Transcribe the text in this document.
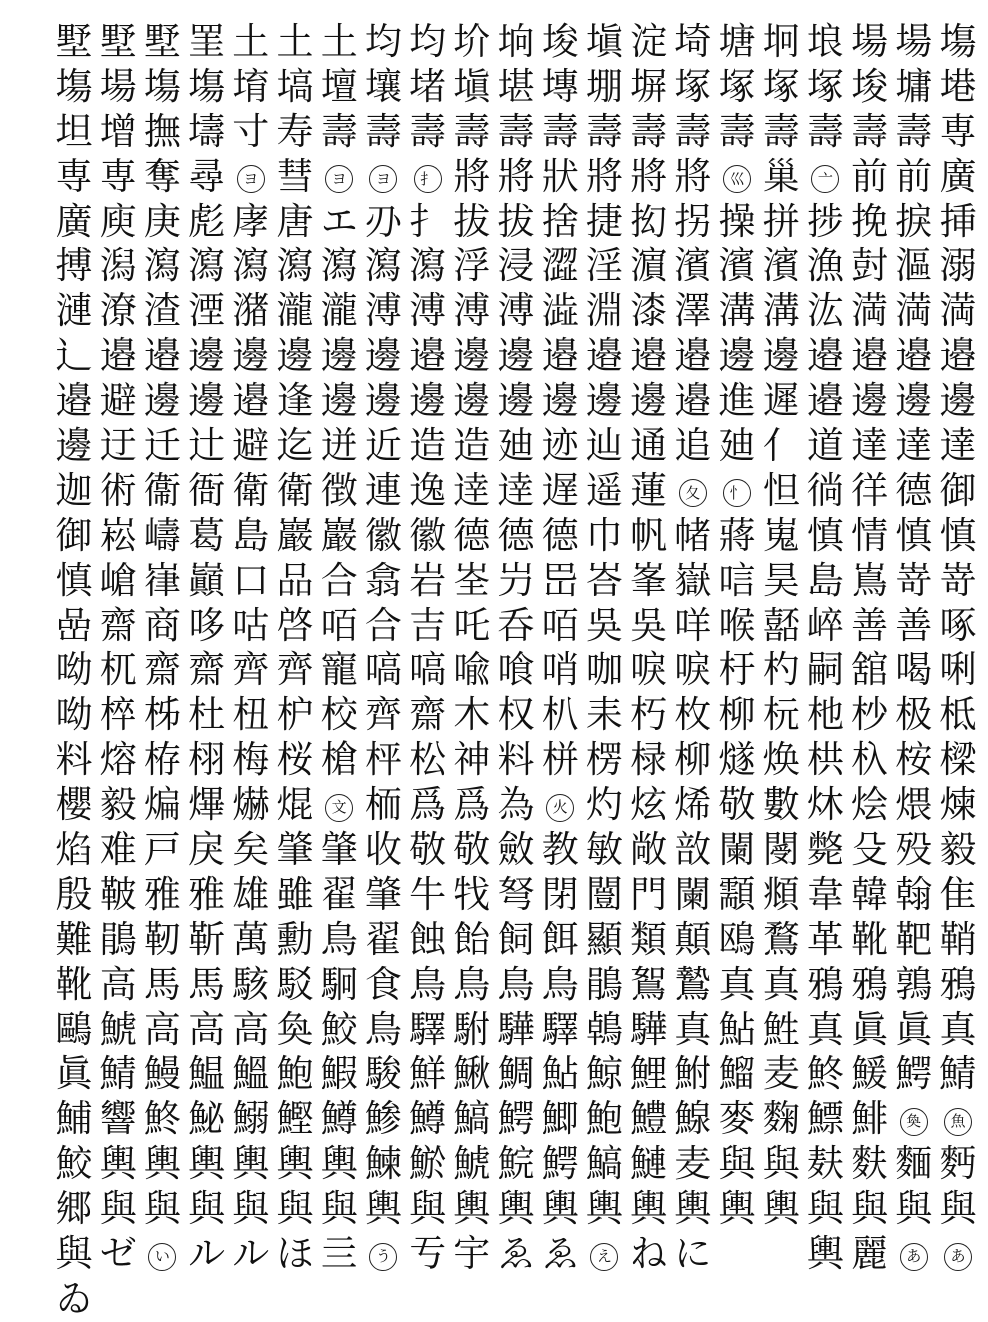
塲
塂
専
廣
挿
溺
満
邉
邊
達
御
慎
嵜
啄
唎
柢
樑
煉
毅
隹
鞘
鴉
真
鯖
魚
麪
與
あ
場
墉
壽
前
捩
漚
満
邉
邊
達
德
慎
嵜
善
喝
极
桉
煨
殁
翰
靶
鶉
眞
鰐
奐
麵
與
あ
場
埈
壽
前
挽
尌
満
邉
邊
達
徉
情
嶌
善
舘
杪
杁
烩
殳
韓
靴
鴉
眞
鰀
鯡
麩
與
麗
埌
塚
壽
亠
捗
漁
汯
邉
邉
道
徜
慎
島
崪
嗣
杝
栱
炑
斃
韋
革
鴉
真
鮗
鰾
麸
與
輿
坰
塚
壽
巢
拼
濱
溝
邊
遲
亻
怛
嵬
昊
嚭
杓
杬
焕
數
閿
頫
鶩
真
鮏
麦
麴
與
輿
塘
塚
壽
巛
操
濱
溝
邊
進
廸
忄
蔣
唁
喉
杅
柳
燧
敬
闌
顬
鴎
真
鮎
鰡
麥
與
輿
埼
塚
壽
將
拐
濱
澤
邉
邉
追
夂
帾
嶽
咩
唳
枚
柳
烯
敨
闌
顛
鷙
真
鮒
鰁
麦
輿
に
淀
塀
壽
將
抝
濵
漆
邉
邊
通
蓮
帆
峯
吳
唳
朽
椂
炫
敞
門
類
鴽
驊
鯉
鱧
鰱
輿
ね
塡
堋
壽
將
捷
淫
淵
邉
邊
辿
遥
巾
峇
吳
咖
耒
楞
灼
敏
闓
顯
鵑
鵫
鯨
鮑
鰝
輿
え
埈
塼
壽
狀
捨
澀
澁
邉
邊
迹
遅
德
岊
咟
哨
朳
栟
火
教
閉
餌
鳥
驛
鮎
鯽
鰐
輿
ゑ
垧
堪
壽
將
拔
浸
溥
邊
邊
廸
逹
德
屶
呑
喰
权
料
為
斂
弩
飼
鳥
驊
鯛
鰐
鯇
輿
ゑ
圿
塡
壽
將
拔
浮
溥
邊
邊
造
逹
德
峑
吒
喩
木
神
爲
敬
牫
飴
鳥
駙
鰍
鰝
鯱
輿
宇
均
堵
壽
扌
扌
瀉
溥
邉
邊
造
逸
徽
岩
吉
嗃
齋
松
爲
敬
牛
蝕
鳥
驛
鮮
鱒
鯲
與
亐
均
壤
壽
ヨ
刅
瀉
溥
邊
邊
近
連
徽
翕
合
嗃
齊
枰
栭
收
肇
翟
食
鳥
駿
鯵
鰊
輿
う
土
壇
壽
ヨ
エ
瀉
瀧
邊
邊
迸
徴
巖
合
咟
寵
校
槍
文
肇
翟
鳥
駉
鮫
鰕
鱒
輿
與
亖
土
塙
寿
彗
唐
瀉
瀧
邊
逢
迄
衛
巖
品
啓
齊
枦
桜
焜
肇
雖
勳
駁
奐
鮑
鰹
輿
與
ほ
土
堉
寸
ヨ
庨
瀉
潴
邊
邉
避
衛
島
口
咕
齊
杻
梅
爀
矣
雄
萬
駭
高
鰮
鰯
輿
與
ル
罣
塲
壔
尋
彪
瀉
湮
邊
邊
辻
衙
葛
巓
哆
齋
杜
栩
熚
戾
雅
靳
馬
高
鰛
鮅
輿
與
ル
墅
塲
撫
奪
庚
瀉
渣
邉
邊
迁
衞
嶹
嵂
商
齋
柹
栫
煸
戸
雅
靭
馬
高
鰻
鮗
輿
與
い
墅
場
增
専
庾
潟
潦
邉
避
迂
術
崧
嵢
齋
杌
椊
熔
毅
难
鞁
鵑
高
鯱
鯖
響
輿
與
ゼ
墅
塲
坦
専
廣
搏
漣
辶
邉
邊
迦
御
慎
嵒
呦
呦
料
櫻
焰
殷
難
靴
鷗
眞
鯆
鮫
郷
與
ゐ
